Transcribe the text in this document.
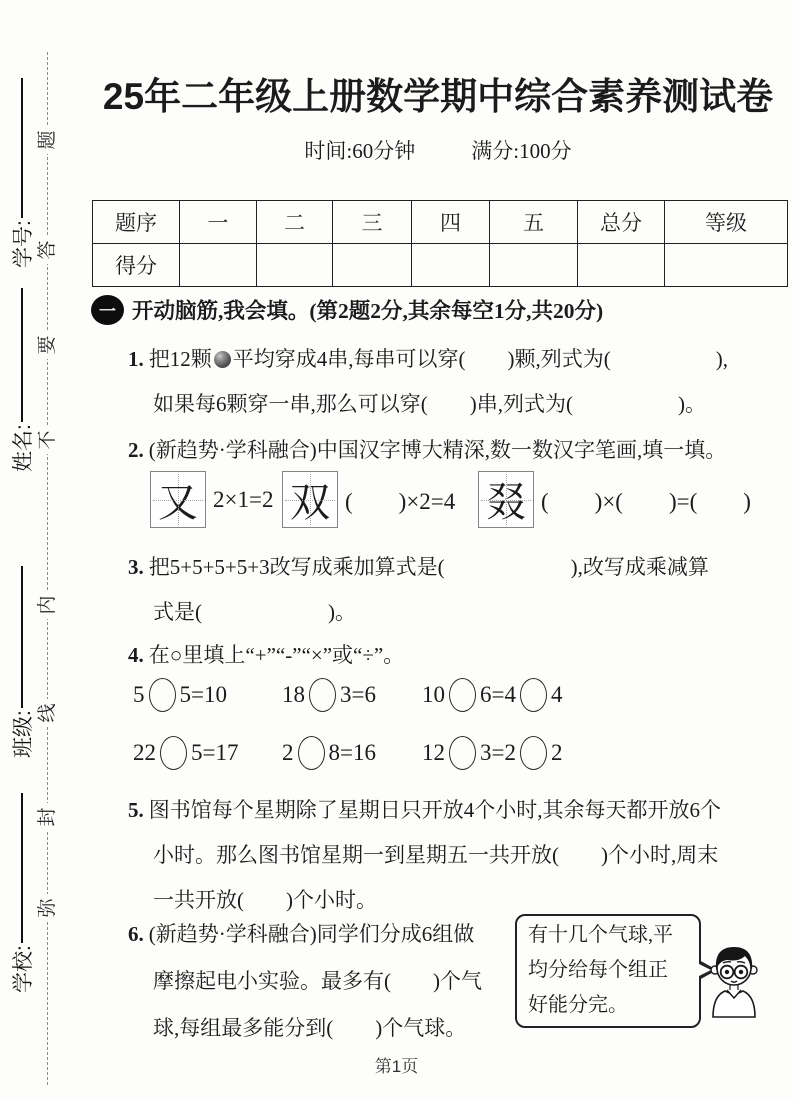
题
答
要
不
内
线
封
弥
学号:
姓名:
班级:
学校:
25年二年级上册数学期中综合素养测试卷
时间:60分钟	满分:100分
题序	一	二	三	四	五	总分	等级
得分							
一 开动脑筋,我会填。 (第2题2分,其余每空1分,共20分)
1. 把12颗 平均穿成4串,每串可以穿(　　)颗,列式为(　　　　　),
如果每6颗穿一串,那么可以穿(　　)串,列式为(　　　　　)。
2. (新趋势·学科融合)中国汉字博大精深,数一数汉字笔画,填一填。
又 2×1=2 双 (　　)×2=4 叕 (　　)×(　　)=(　　)
3. 把5+5+5+5+3改写成乘加算式是(　　　　　　),改写成乘减算
式是(　　　　　　)。
4. 在○里填上“+”“-”“×”或“÷”。
5 5=10 18 3=6 10 6=4 4
22 5=17 2 8=16 12 3=2 2
5. 图书馆每个星期除了星期日只开放4个小时,其余每天都开放6个
小时。那么图书馆星期一到星期五一共开放(　　)个小时,周末
一共开放(　　)个小时。
6. (新趋势·学科融合)同学们分成6组做
摩擦起电小实验。最多有(　　)个气
球,每组最多能分到(　　)个气球。
有十几个气球,平
均分给每个组正
好能分完。
第1页
